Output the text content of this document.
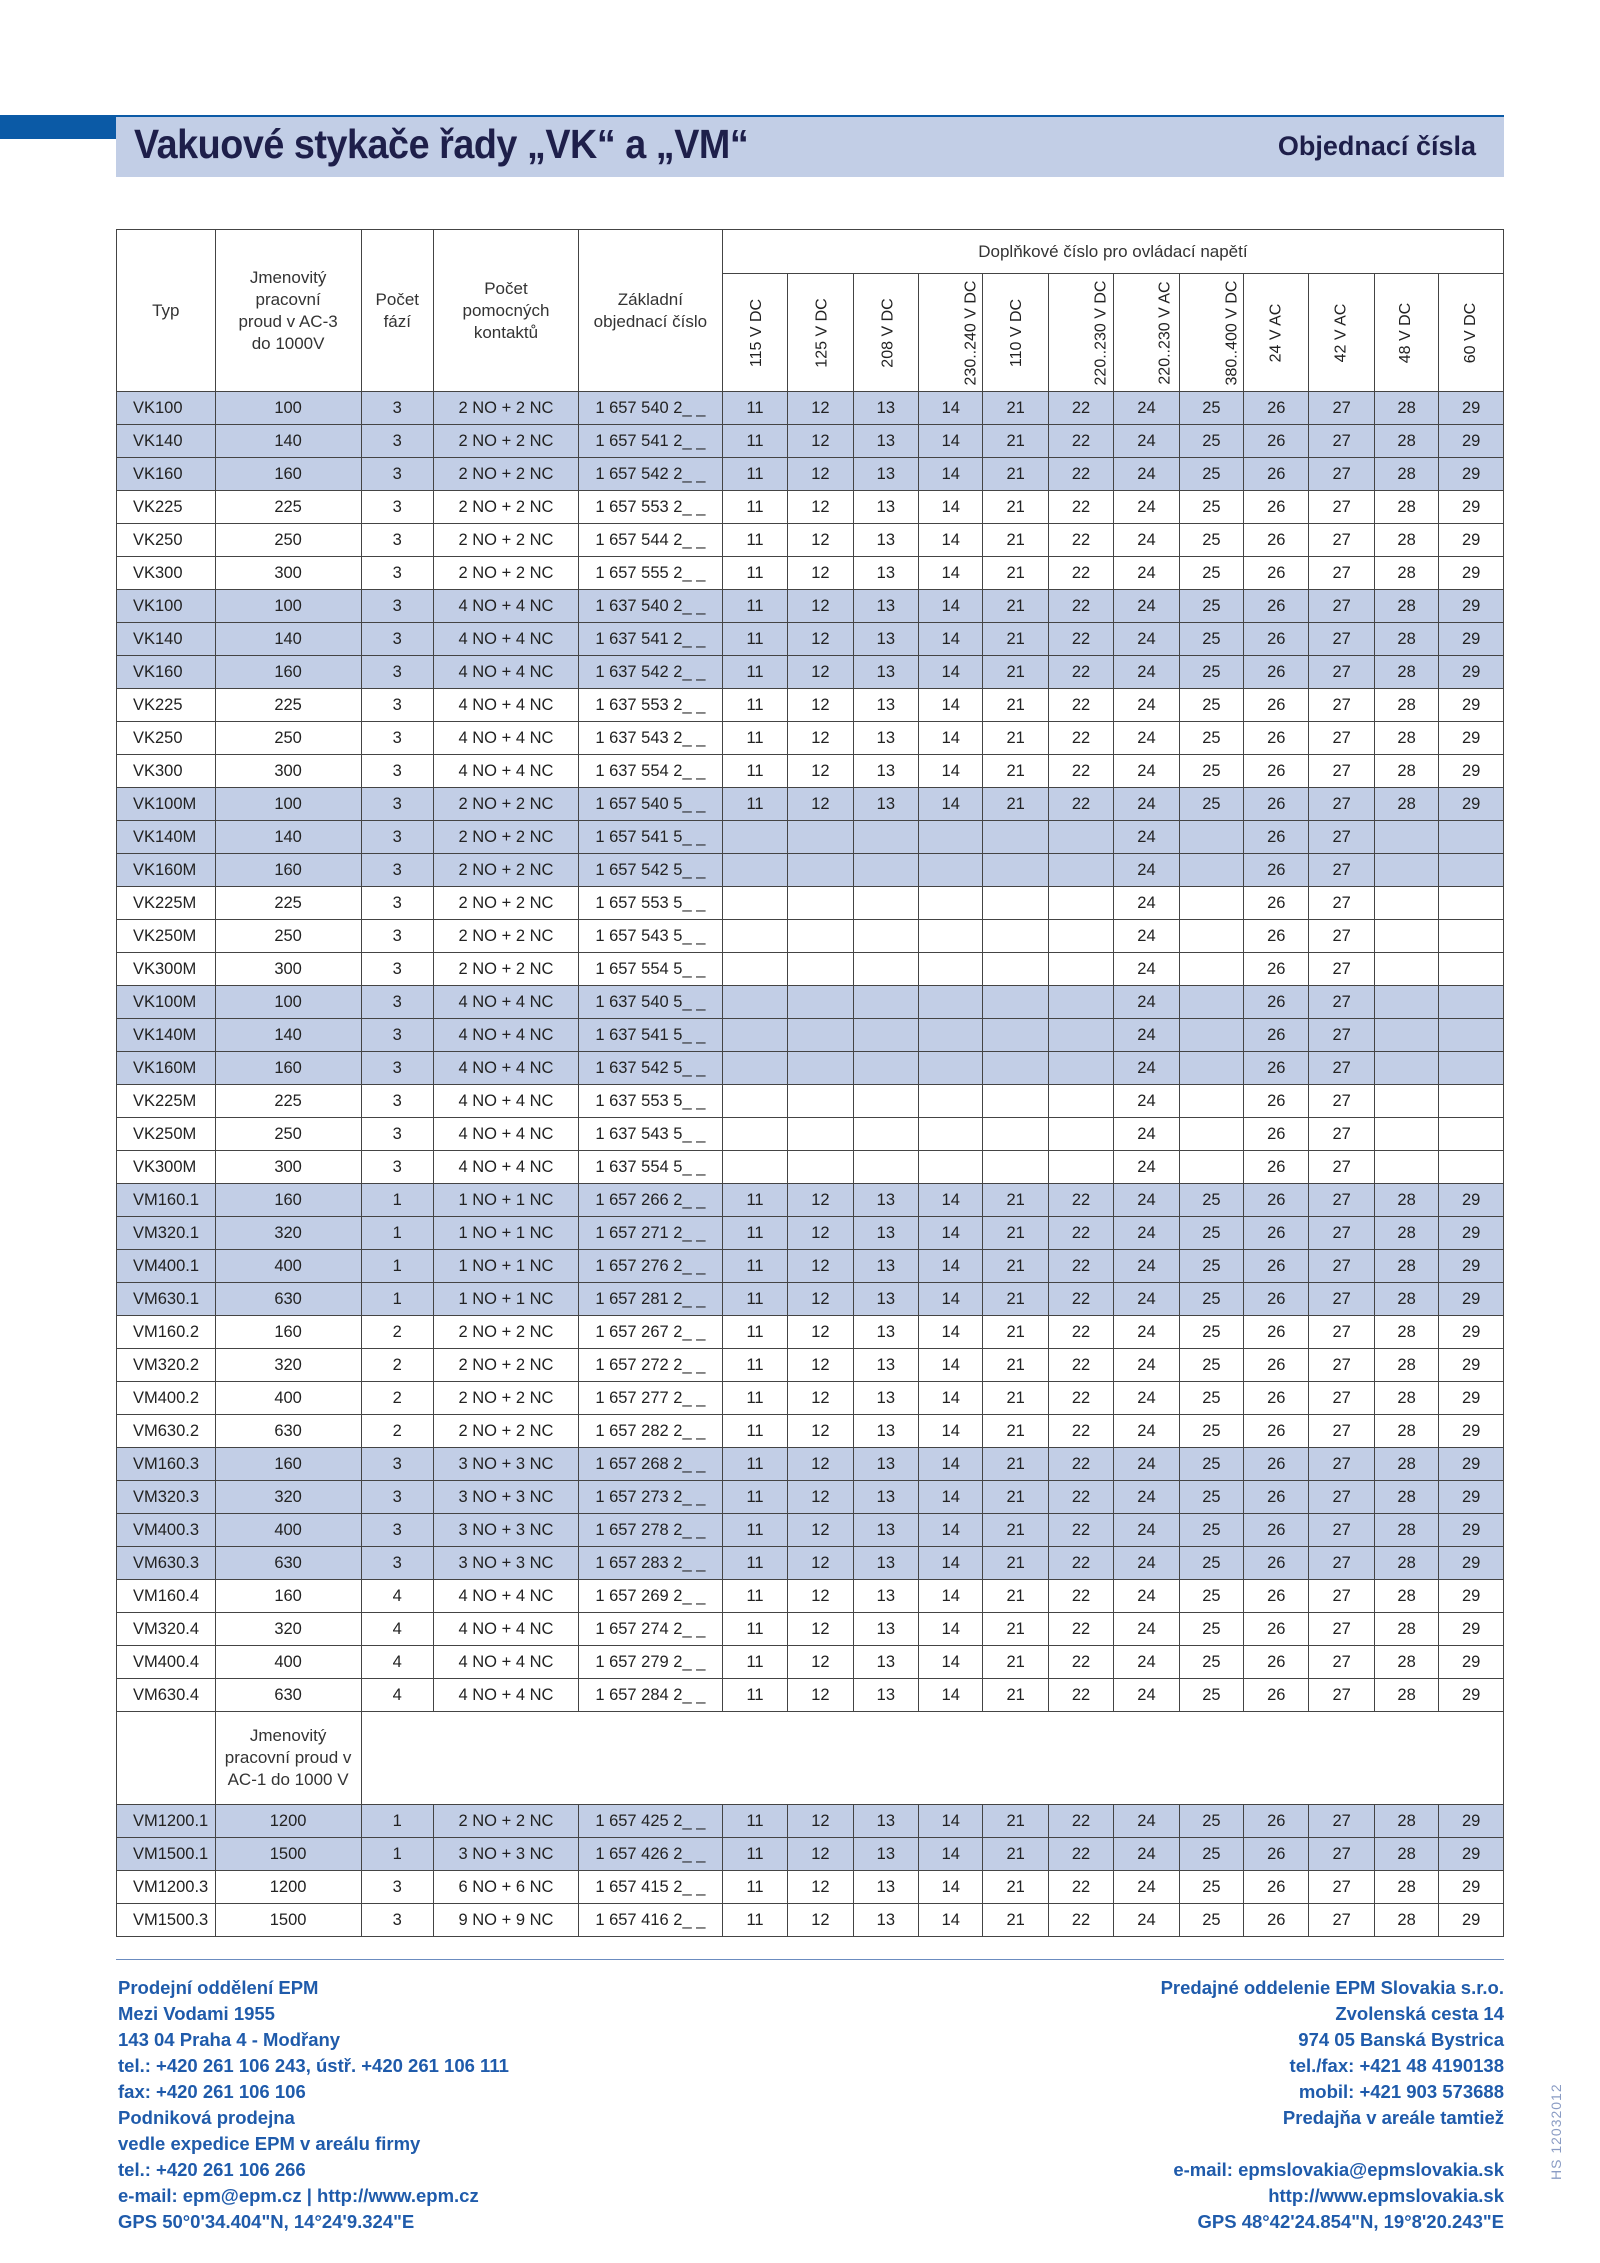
Vakuové stykače řady „VK“ a „VM“	Objednací čísla
Typ	Jmenovitý pracovní proud v AC-3 do 1000V	Počet fází	Počet pomocných kontaktů	Základní objednací číslo	Doplňkové číslo pro ovládací napětí											
					115 V DC	125 V DC	208 V DC	230..240 V DC	110 V DC	220..230 V DC	220..230 V AC	380..400 V DC	24 V AC	42 V AC	48 V DC	60 V DC
VK100	100	3	2 NO + 2 NC	1 657 540 2_ _	11	12	13	14	21	22	24	25	26	27	28	29
VK140	140	3	2 NO + 2 NC	1 657 541 2_ _	11	12	13	14	21	22	24	25	26	27	28	29
VK160	160	3	2 NO + 2 NC	1 657 542 2_ _	11	12	13	14	21	22	24	25	26	27	28	29
VK225	225	3	2 NO + 2 NC	1 657 553 2_ _	11	12	13	14	21	22	24	25	26	27	28	29
VK250	250	3	2 NO + 2 NC	1 657 544 2_ _	11	12	13	14	21	22	24	25	26	27	28	29
VK300	300	3	2 NO + 2 NC	1 657 555 2_ _	11	12	13	14	21	22	24	25	26	27	28	29
VK100	100	3	4 NO + 4 NC	1 637 540 2_ _	11	12	13	14	21	22	24	25	26	27	28	29
VK140	140	3	4 NO + 4 NC	1 637 541 2_ _	11	12	13	14	21	22	24	25	26	27	28	29
VK160	160	3	4 NO + 4 NC	1 637 542 2_ _	11	12	13	14	21	22	24	25	26	27	28	29
VK225	225	3	4 NO + 4 NC	1 637 553 2_ _	11	12	13	14	21	22	24	25	26	27	28	29
VK250	250	3	4 NO + 4 NC	1 637 543 2_ _	11	12	13	14	21	22	24	25	26	27	28	29
VK300	300	3	4 NO + 4 NC	1 637 554 2_ _	11	12	13	14	21	22	24	25	26	27	28	29
VK100M	100	3	2 NO + 2 NC	1 657 540 5_ _	11	12	13	14	21	22	24	25	26	27	28	29
VK140M	140	3	2 NO + 2 NC	1 657 541 5_ _							24		26	27		
VK160M	160	3	2 NO + 2 NC	1 657 542 5_ _							24		26	27		
VK225M	225	3	2 NO + 2 NC	1 657 553 5_ _							24		26	27		
VK250M	250	3	2 NO + 2 NC	1 657 543 5_ _							24		26	27		
VK300M	300	3	2 NO + 2 NC	1 657 554 5_ _							24		26	27		
VK100M	100	3	4 NO + 4 NC	1 637 540 5_ _							24		26	27		
VK140M	140	3	4 NO + 4 NC	1 637 541 5_ _							24		26	27		
VK160M	160	3	4 NO + 4 NC	1 637 542 5_ _							24		26	27		
VK225M	225	3	4 NO + 4 NC	1 637 553 5_ _							24		26	27		
VK250M	250	3	4 NO + 4 NC	1 637 543 5_ _							24		26	27		
VK300M	300	3	4 NO + 4 NC	1 637 554 5_ _							24		26	27		
VM160.1	160	1	1 NO + 1 NC	1 657 266 2_ _	11	12	13	14	21	22	24	25	26	27	28	29
VM320.1	320	1	1 NO + 1 NC	1 657 271 2_ _	11	12	13	14	21	22	24	25	26	27	28	29
VM400.1	400	1	1 NO + 1 NC	1 657 276 2_ _	11	12	13	14	21	22	24	25	26	27	28	29
VM630.1	630	1	1 NO + 1 NC	1 657 281 2_ _	11	12	13	14	21	22	24	25	26	27	28	29
VM160.2	160	2	2 NO + 2 NC	1 657 267 2_ _	11	12	13	14	21	22	24	25	26	27	28	29
VM320.2	320	2	2 NO + 2 NC	1 657 272 2_ _	11	12	13	14	21	22	24	25	26	27	28	29
VM400.2	400	2	2 NO + 2 NC	1 657 277 2_ _	11	12	13	14	21	22	24	25	26	27	28	29
VM630.2	630	2	2 NO + 2 NC	1 657 282 2_ _	11	12	13	14	21	22	24	25	26	27	28	29
VM160.3	160	3	3 NO + 3 NC	1 657 268 2_ _	11	12	13	14	21	22	24	25	26	27	28	29
VM320.3	320	3	3 NO + 3 NC	1 657 273 2_ _	11	12	13	14	21	22	24	25	26	27	28	29
VM400.3	400	3	3 NO + 3 NC	1 657 278 2_ _	11	12	13	14	21	22	24	25	26	27	28	29
VM630.3	630	3	3 NO + 3 NC	1 657 283 2_ _	11	12	13	14	21	22	24	25	26	27	28	29
VM160.4	160	4	4 NO + 4 NC	1 657 269 2_ _	11	12	13	14	21	22	24	25	26	27	28	29
VM320.4	320	4	4 NO + 4 NC	1 657 274 2_ _	11	12	13	14	21	22	24	25	26	27	28	29
VM400.4	400	4	4 NO + 4 NC	1 657 279 2_ _	11	12	13	14	21	22	24	25	26	27	28	29
VM630.4	630	4	4 NO + 4 NC	1 657 284 2_ _	11	12	13	14	21	22	24	25	26	27	28	29

	Jmenovitý pracovní proud v AC-1 do 1000 V															

VM1200.1	1200	1	2 NO + 2 NC	1 657 425 2_ _	11	12	13	14	21	22	24	25	26	27	28	29
VM1500.1	1500	1	3 NO + 3 NC	1 657 426 2_ _	11	12	13	14	21	22	24	25	26	27	28	29
VM1200.3	1200	3	6 NO + 6 NC	1 657 415 2_ _	11	12	13	14	21	22	24	25	26	27	28	29
VM1500.3	1500	3	9 NO + 9 NC	1 657 416 2_ _	11	12	13	14	21	22	24	25	26	27	28	29
Prodejní oddělení EPM
Mezi Vodami 1955
143 04 Praha 4 - Modřany
tel.: +420 261 106 243, ústř. +420 261 106 111
fax: +420 261 106 106
Podniková prodejna
vedle expedice EPM v areálu firmy
tel.: +420 261 106 266
e-mail: epm@epm.cz | http://www.epm.cz
GPS 50°0'34.404"N, 14°24'9.324"E
Predajné oddelenie EPM Slovakia s.r.o.
Zvolenská cesta 14
974 05 Banská Bystrica
tel./fax: +421 48 4190138
mobil: +421 903 573688
Predajňa v areále tamtiež
e-mail: epmslovakia@epmslovakia.sk
http://www.epmslovakia.sk
GPS 48°42'24.854"N, 19°8'20.243"E
HS 12032012
